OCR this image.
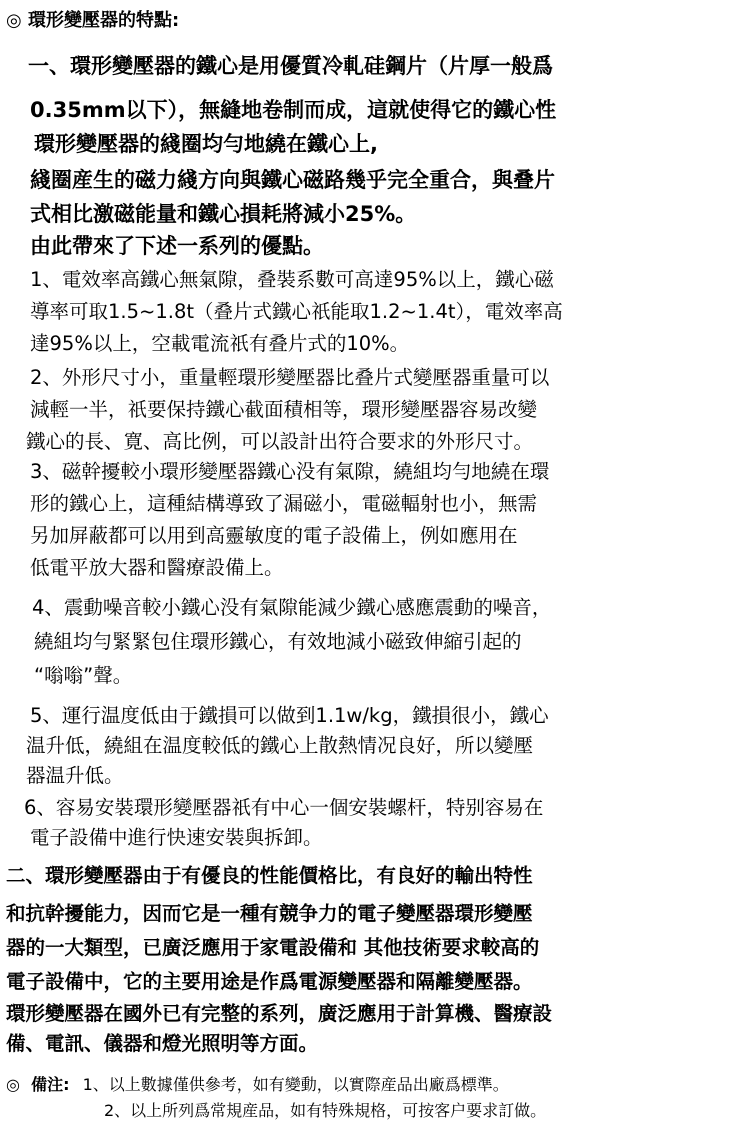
◎ 環形變壓器的特點:
一、環形變壓器的鐵心是用優質冷軋硅鋼片（片厚一般爲
0.35mm以下），無縫地卷制而成，這就使得它的鐵心性
環形變壓器的綫圈均勻地繞在鐵心上,
綫圈産生的磁力綫方向與鐵心磁路幾乎完全重合，與叠片
式相比激磁能量和鐵心損耗將減小25%。
由此帶來了下述一系列的優點。
1、電效率高鐵心無氣隙，叠裝系數可高達95%以上，鐵心磁
導率可取1.5~1.8t（叠片式鐵心祇能取1.2~1.4t），電效率高
達95%以上，空載電流祇有叠片式的10%。
2、外形尺寸小，重量輕環形變壓器比叠片式變壓器重量可以
減輕一半，祇要保持鐵心截面積相等，環形變壓器容易改變
鐵心的長、寛、高比例，可以設計出符合要求的外形尺寸。
3、磁幹擾較小環形變壓器鐵心没有氣隙，繞組均勻地繞在環
形的鐵心上，這種結構導致了漏磁小，電磁輻射也小，無需
另加屏蔽都可以用到高靈敏度的電子設備上，例如應用在
低電平放大器和醫療設備上。
4、震動噪音較小鐵心没有氣隙能減少鐵心感應震動的噪音，
繞組均勻緊緊包住環形鐵心，有效地減小磁致伸縮引起的
“嗡嗡”聲。
5、運行温度低由于鐵損可以做到1.1w/kg，鐵損很小，鐵心
温升低，繞組在温度較低的鐵心上散熱情况良好，所以變壓
器温升低。
6、容易安裝環形變壓器祇有中心一個安裝螺杆，特别容易在
電子設備中進行快速安裝與拆卸。
二、環形變壓器由于有優良的性能價格比，有良好的輸出特性
和抗幹擾能力，因而它是一種有競争力的電子變壓器環形變壓
器的一大類型，已廣泛應用于家電設備和 其他技術要求較高的
電子設備中，它的主要用途是作爲電源變壓器和隔離變壓器。
環形變壓器在國外已有完整的系列，廣泛應用于計算機、醫療設
備、電訊、儀器和燈光照明等方面。
◎ 備注: 1、以上數據僅供參考，如有變動，以實際産品出廠爲標準。
2、以上所列爲常規産品，如有特殊規格，可按客户要求訂做。
